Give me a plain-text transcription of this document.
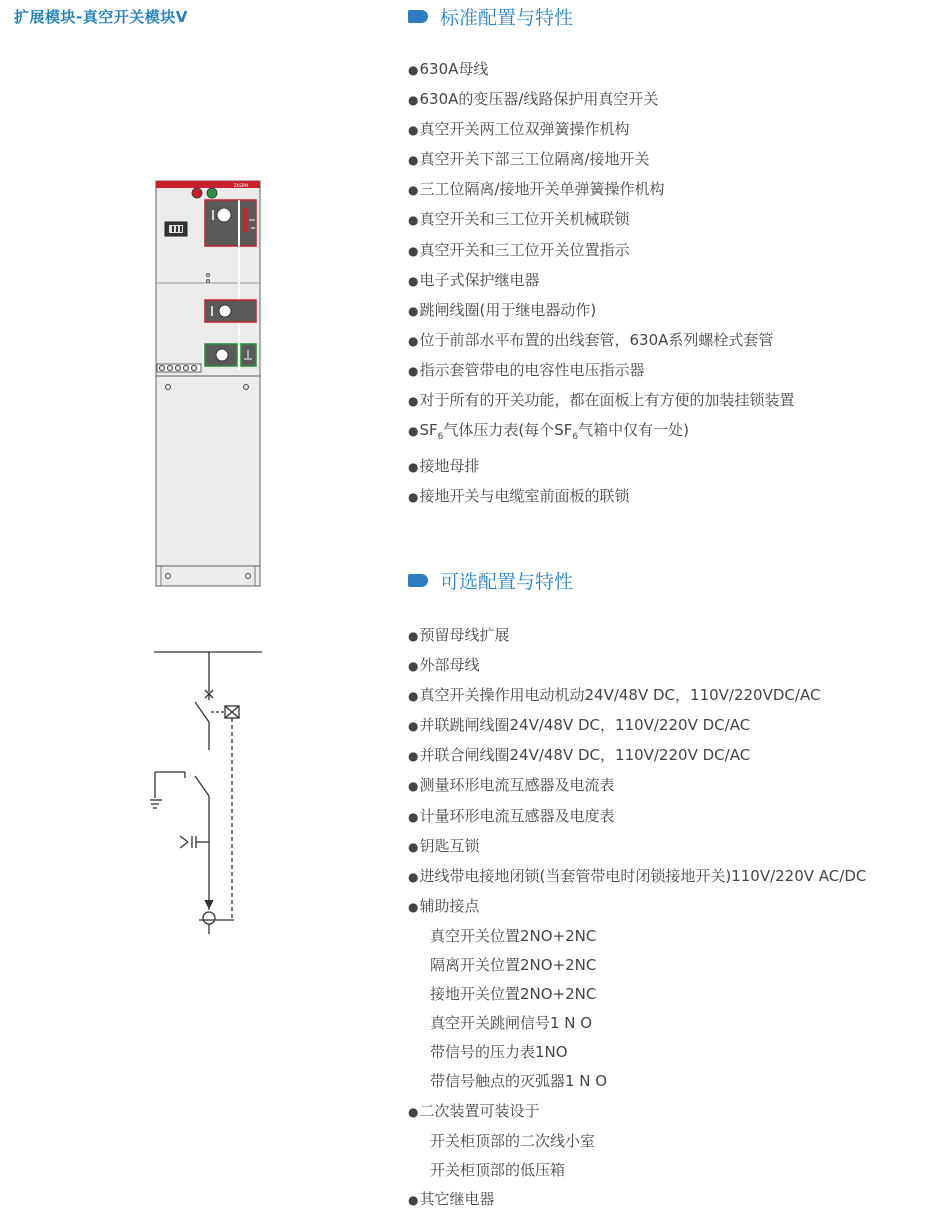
扩展模块-真空开关模块V
ZKSRM
标准配置与特性
●630A母线
●630A的变压器/线路保护用真空开关
●真空开关两工位双弹簧操作机构
●真空开关下部三工位隔离/接地开关
●三工位隔离/接地开关单弹簧操作机构
●真空开关和三工位开关机械联锁
●真空开关和三工位开关位置指示
●电子式保护继电器
●跳闸线圈(用于继电器动作)
●位于前部水平布置的出线套管，630A系列螺栓式套管
●指示套管带电的电容性电压指示器
●对于所有的开关功能，都在面板上有方便的加装挂锁装置
$●SF_6$气体压力表(每个$SF_6$气箱中仅有一处)
●接地母排
●接地开关与电缆室前面板的联锁
可选配置与特性
●预留母线扩展
●外部母线
●真空开关操作用电动机动24V/48V DC，110V/220VDC/AC
●并联跳闸线圈24V/48V DC，110V/220V DC/AC
●并联合闸线圈24V/48V DC，110V/220V DC/AC
●测量环形电流互感器及电流表
●计量环形电流互感器及电度表
●钥匙互锁
●进线带电接地闭锁(当套管带电时闭锁接地开关)110V/220V AC/DC
●辅助接点
真空开关位置2NO+2NC
隔离开关位置2NO+2NC
接地开关位置2NO+2NC
真空开关跳闸信号1 N O
带信号的压力表1NO
带信号触点的灭弧器1 N O
●二次装置可装设于
开关柜顶部的二次线小室
开关柜顶部的低压箱
●其它继电器
